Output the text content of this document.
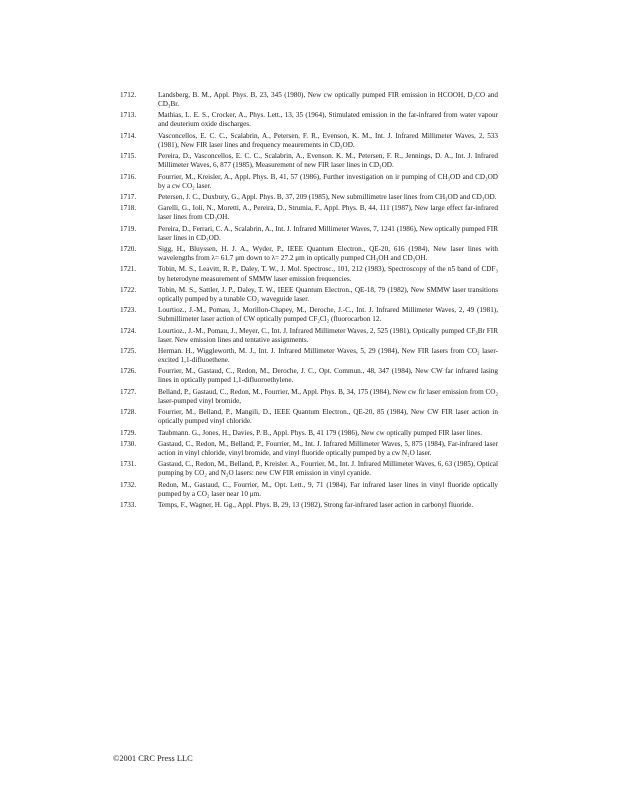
1712.	Landsberg, B. M., Appl. Phys. B, 23, 345 (1980), New cw optically pumped FIR emission in HCOOH, D₂CO and CD₃Br.
1713.	Mathias, L. E. S., Crocker, A., Phys. Lett., 13, 35 (1964), Stimulated emission in the far-infrared from water vapour and deuterium oxide discharges.
1714.	Vasconcellos, E. C. C., Scalabrin, A., Petersen, F. R., Evenson, K. M., Int. J. Infrared Millimeter Waves, 2, 533 (1981), New FIR laser lines and frequency meaurements in CD₃OD.
1715.	Pereira, D., Vasconcellos, E. C. C., Scalabrin, A., Evenson. K. M., Petersen, F. R., Jennings, D. A., Int. J. Infrared Millimeter Waves, 6, 877 (1985), Measurement of new FIR laser lines in CD₃OD.
1716.	Fourrier, M., Kreisler, A., Appl. Phys. B, 41, 57 (1986), Further investigation on ir pumping of CH₃OD and CD₃OD by a cw CO₂ laser.
1717.	Petersen, J. C., Duxbury, G., Appl. Phys. B, 37, 209 (1985), New submillimetre laser lines from CH₃OD and CD₃OD.
1718.	Garelli, G., Ioli, N., Moretti, A., Pereira, D., Strumia, F., Appl. Phys. B, 44, 111 (1987), New large effect far-infrared laser lines from CD₃OH.
1719.	Pereira, D., Ferrari, C. A., Scalabrin, A., Int. J. Infrared Millimeter Waves, 7, 1241 (1986), New optically pumped FIR laser lines in CD₃OD.
1720.	Sigg, H., Bluyssen, H. J. A., Wyder, P., IEEE Quantum Electron., QE-20, 616 (1984), New laser lines with wavelengths from λ= 61.7 μm down to λ= 27.2 μm in optically pumped CH₃OH and CD₃OH.
1721.	Tobin, M. S., Leavitt, R. P., Daley, T. W., J. Mol. Spectrosc., 101, 212 (1983), Spectroscopy of the n5 band of CDF₃ by heterodyne measurement of SMMW laser emission frequencies.
1722.	Tobin, M. S., Sattler, J. P., Daley, T. W., IEEE Quantum Electron., QE-18, 79 (1982), New SMMW laser transitions optically pumped by a tunable CO₂ waveguide laser.
1723.	Lourtioz., J.-M., Pomau, J., Morillon-Chapey, M., Deroche, J.-C., Int. J. Infrared Millimeter Waves, 2, 49 (1981), Submillimeter laser action of CW optically pumped CF₂Cl₂ (fluorocarbon 12.
1724.	Lourtioz., J.-M., Pomau, J., Meyer, C., Int. J. Infrared Millimeter Waves, 2, 525 (1981), Optically pumped CF₃Br FIR laser. New emission lines and tentative assignments.
1725.	Herman. H., Wiggleworth, M. J., Int. J. Infrared Millimeter Waves, 5, 29 (1984), New FIR lasers from CO₂ laser-excited 1,1-difluoethene.
1726.	Fourrier, M., Gastaud, C., Redon, M., Deroche, J. C., Opt. Commun., 48, 347 (1984), New CW far infrared lasing lines in optically pumped 1,1-difluoroethylene.
1727.	Belland, P., Gastaud, C., Redon, M., Fourrier, M., Appl. Phys. B, 34, 175 (1984), New cw fir laser emission from CO₂ laser-pumped vinyl bromide,
1728.	Fourrier, M., Belland, P., Mangili, D., IEEE Quantum Electron., QE-20, 85 (1984), New CW FIR laser action in optically pumped vinyl chloride.
1729.	Taubmann. G., Jones, H., Davies, P. B., Appl. Phys. B, 41 179 (1986), New cw optically pumped FIR laser lines.
1730.	Gastaud, C., Redon, M., Belland, P., Fourrier, M., Int. J. Infrared Millimeter Waves, 5, 875 (1984), Far-infrared laser action in vinyl chloride, vinyl bromide, and vinyl fluoride optically pumped by a cw N₂O laser.
1731.	Gastaud, C., Redon, M., Belland, P., Kreisler. A., Fourrier, M., Int. J. Infrared Millimeter Waves, 6, 63 (1985), Optical pumping by CO₂ and N₂O lasers: new CW FIR emission in vinyl cyanide.
1732.	Redon, M., Gastaud, C., Fourrier, M., Opt. Lett., 9, 71 (1984), Far infrared laser lines in vinyl fluoride optically pumped by a CO₂ laser near 10 μm.
1733.	Temps, F., Wagner, H. Gg., Appl. Phys. B, 29, 13 (1982), Strong far-infrared laser action in carbonyl fluoride.
©2001 CRC Press LLC
